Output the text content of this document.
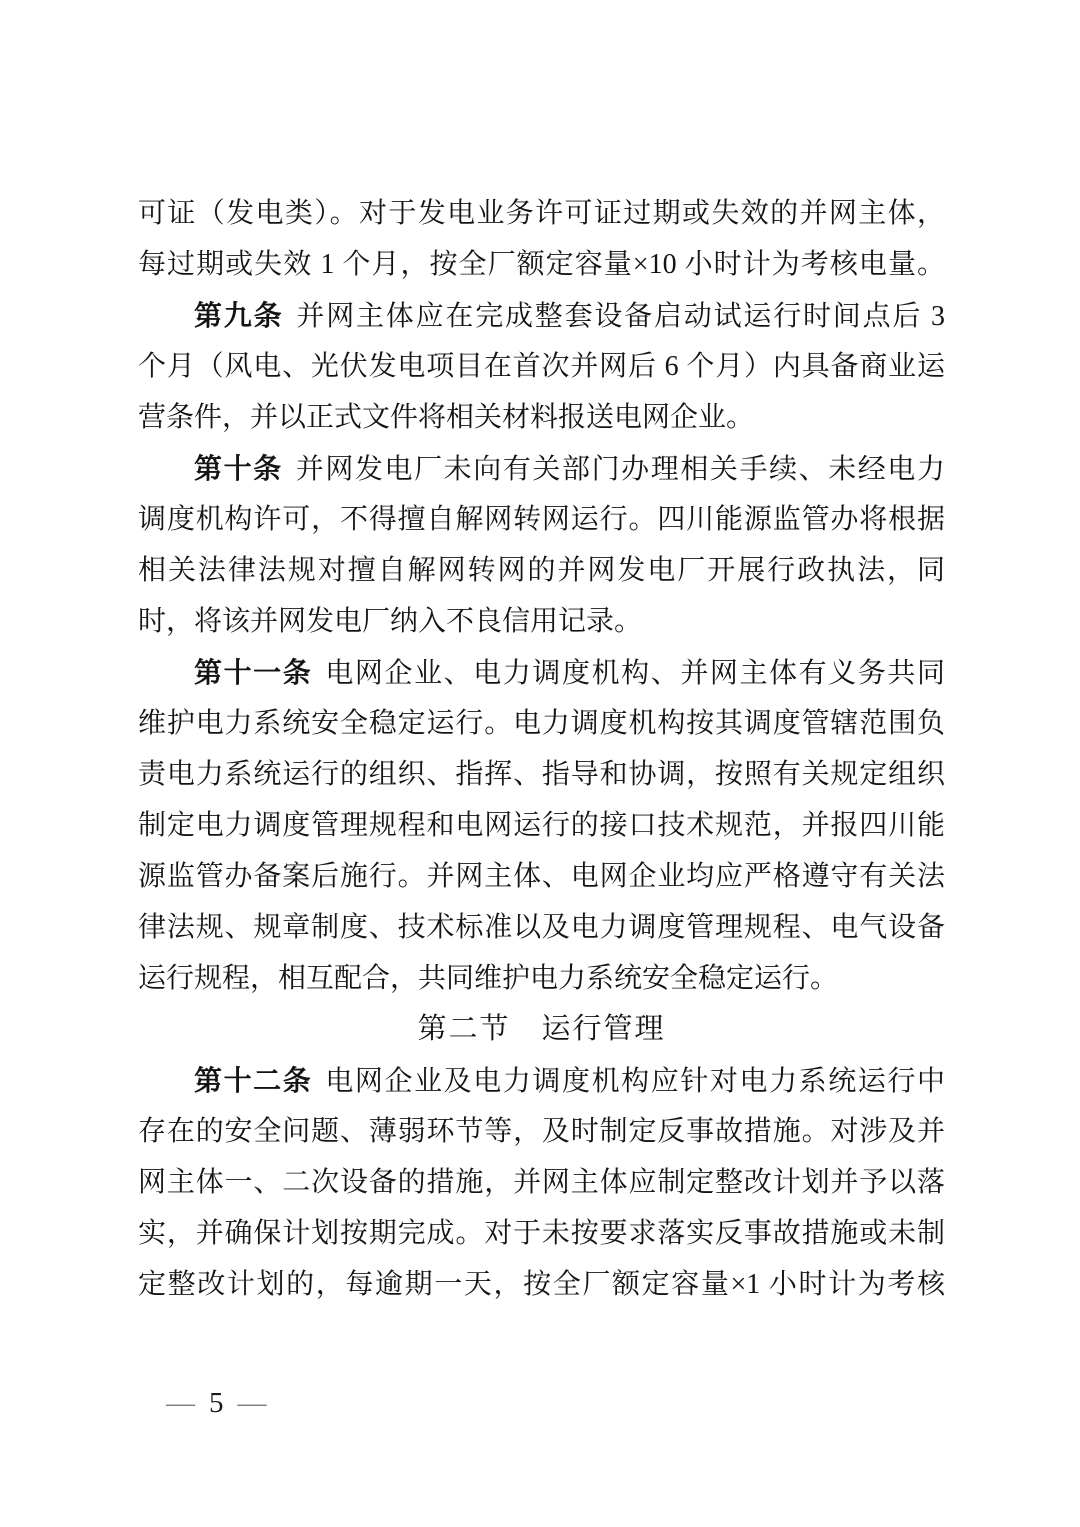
可证（发电类）。对于发电业务许可证过期或失效的并网主体，
每过期或失效 1 个月，按全厂额定容量×10 小时计为考核电量。
第九条 并网主体应在完成整套设备启动试运行时间点后 3
个月（风电、光伏发电项目在首次并网后 6 个月）内具备商业运
营条件，并以正式文件将相关材料报送电网企业。
第十条 并网发电厂未向有关部门办理相关手续、未经电力
调度机构许可，不得擅自解网转网运行。四川能源监管办将根据
相关法律法规对擅自解网转网的并网发电厂开展行政执法，同
时，将该并网发电厂纳入不良信用记录。
第十一条 电网企业、电力调度机构、并网主体有义务共同
维护电力系统安全稳定运行。电力调度机构按其调度管辖范围负
责电力系统运行的组织、指挥、指导和协调，按照有关规定组织
制定电力调度管理规程和电网运行的接口技术规范，并报四川能
源监管办备案后施行。并网主体、电网企业均应严格遵守有关法
律法规、规章制度、技术标准以及电力调度管理规程、电气设备
运行规程，相互配合，共同维护电力系统安全稳定运行。
第二节　运行管理
第十二条 电网企业及电力调度机构应针对电力系统运行中
存在的安全问题、薄弱环节等，及时制定反事故措施。对涉及并
网主体一、二次设备的措施，并网主体应制定整改计划并予以落
实，并确保计划按期完成。对于未按要求落实反事故措施或未制
定整改计划的，每逾期一天，按全厂额定容量×1 小时计为考核
— 5 —
